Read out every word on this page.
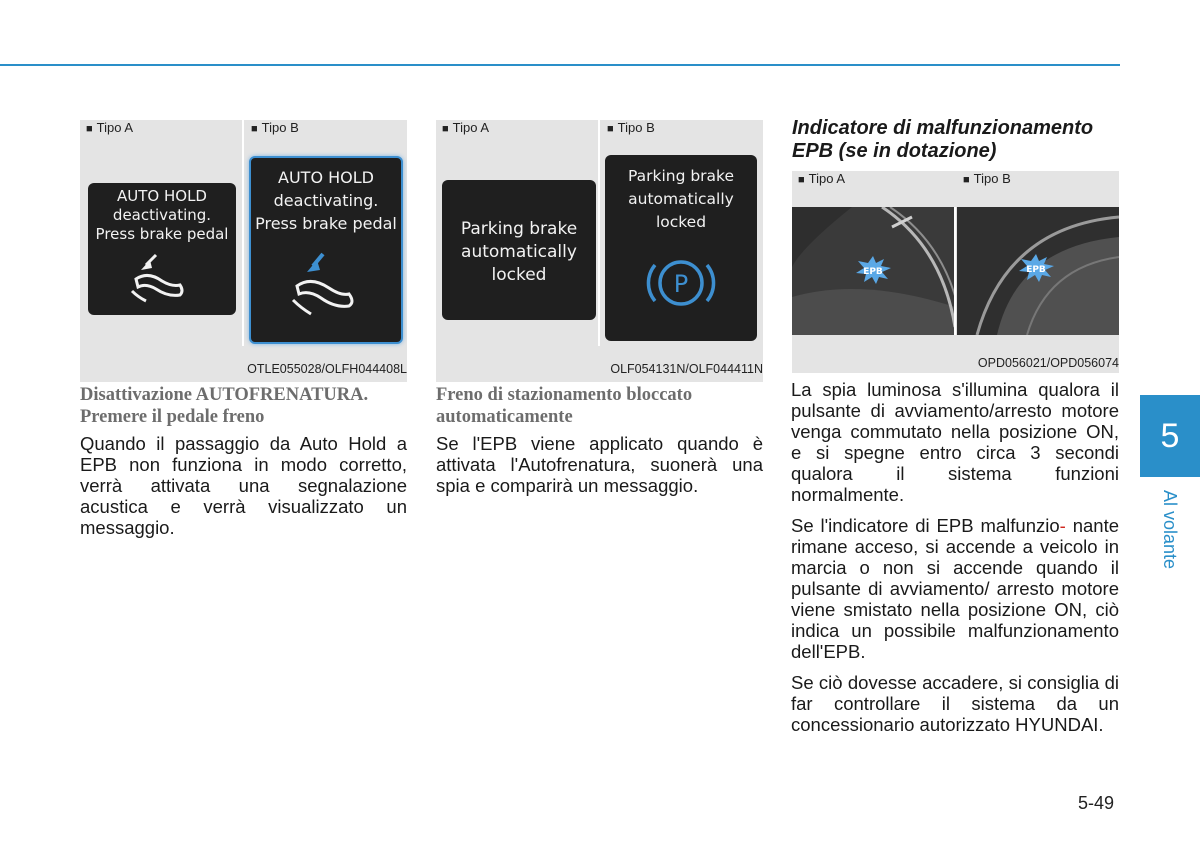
■ Tipo A	■ Tipo B
AUTO HOLD
deactivating.
Press brake pedal
AUTO HOLD
deactivating.
Press brake pedal
OTLE055028/OLFH044408L
■ Tipo A	■ Tipo B
Parking brake
automatically
locked
Parking brake
automatically
locked
P
OLF054131N/OLF044411N
■ Tipo A	■ Tipo B
EPB	EPB
OPD056021/OPD056074
Disattivazione AUTOFRENATURA. Premere il pedale freno

Quando il passaggio da Auto Hold a EPB non funziona in modo corretto, verrà attivata una segnalazione acustica e verrà visualizzato un messaggio.

Freno di stazionamento bloccato automaticamente

Se l'EPB viene applicato quando è attivata l'Autofrenatura, suonerà una spia e comparirà un messaggio.

Indicatore di malfunzionamento EPB (se in dotazione)

La spia luminosa s'illumina qualora il pulsante di avviamento/arresto motore venga commutato nella posizione ON, e si spegne entro circa 3 secondi qualora il sistema funzioni normalmente.

Se l'indicatore di EPB malfunzio- nante rimane acceso, si accende a veicolo in marcia o non si accende quando il pulsante di avviamento/ arresto motore viene smistato nella posizione ON, ciò indica un possibile malfunzionamento dell'EPB.

Se ciò dovesse accadere, si consiglia di far controllare il sistema da un concessionario autorizzato HYUNDAI.

5
Al volante
5-49
